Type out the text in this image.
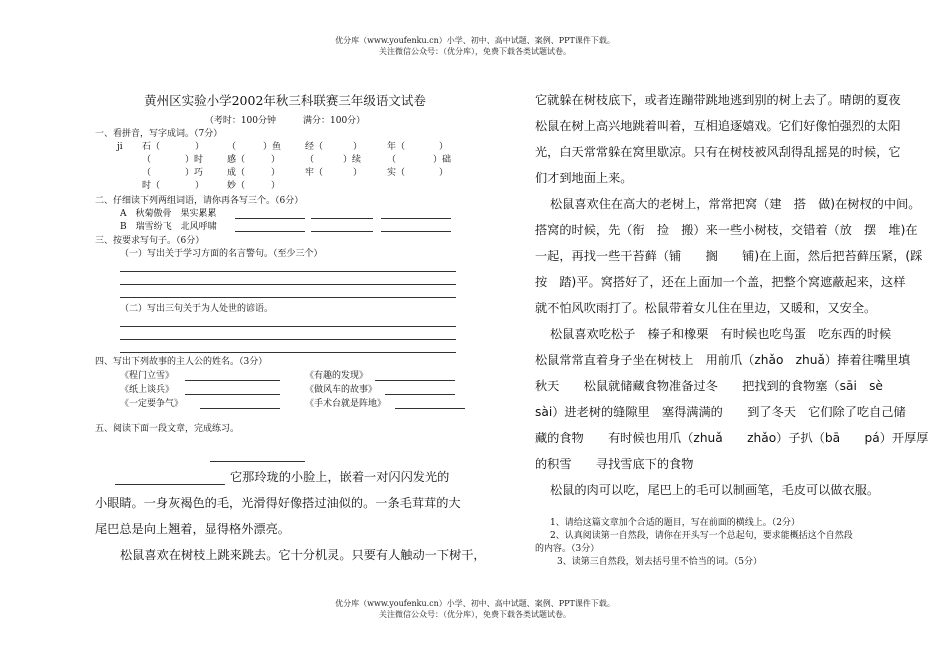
优分库（www.youfenku.cn）小学、初中、高中试题、案例、PPT课件下载。
关注微信公众号：（优分库），免费下载各类试题试卷。
黄州区实验小学2002年秋三科联赛三年级语文试卷
（考时：100分钟　　　满分：100分）
一、看拼音，写字成词。（7分）
ji 石（	）	（	）鱼	经（	）	年（	）
（	）时	感（	）	（	）续	（	）础
（	）巧	成（	）	牢（	）	实（	）
时（	）	妙（	）
二、仔细读下列两组词语，请你再各写三个。（6分）
A　秋菊傲骨　果实累累
B　瑞雪纷飞　北风呼啸
三、按要求写句子。（6分）
（一）写出关于学习方面的名言警句。（至少三个）
（二）写出三句关于为人处世的谚语。
四、写出下列故事的主人公的姓名。（3分）
《程门立雪》	《有趣的发现》
《纸上谈兵》	《做风车的故事》
《一定要争气》	《手术台就是阵地》
五、阅读下面一段文章，完成练习。

它那玲珑的小脸上，嵌着一对闪闪发光的

小眼睛。一身灰褐色的毛，光滑得好像搭过油似的。一条毛茸茸的大

尾巴总是向上翘着，显得格外漂亮。

松鼠喜欢在树枝上跳来跳去。它十分机灵。只要有人触动一下树干，

它就躲在树枝底下，或者连蹦带跳地逃到别的树上去了。晴朗的夏夜

松鼠在树上高兴地跳着叫着，互相追逐嬉戏。它们好像怕强烈的太阳

光，白天常常躲在窝里歇凉。只有在树枝被风刮得乱摇晃的时候，它

们才到地面上来。

松鼠喜欢住在高大的老树上，常常把窝（建　搭　做)在树杈的中间。

搭窝的时候，先（衔　捡　搬）来一些小树枝，交错着（放　摆　堆)在

一起，再找一些干苔藓（铺　　搁　　铺)在上面，然后把苔藓压紧，(踩

按　踏)平。窝搭好了，还在上面加一个盖，把整个窝遮蔽起来，这样

就不怕风吹雨打了。松鼠带着女儿住在里边，又暖和，又安全。

松鼠喜欢吃松子　榛子和橡栗　有时候也吃鸟蛋　吃东西的时候

松鼠常常直着身子坐在树枝上　用前爪（zhǎo　zhuǎ）捧着往嘴里填

秋天　　松鼠就储藏食物准备过冬　　把找到的食物塞（sāi　sè

sài）进老树的缝隙里　塞得满满的　　到了冬天　它们除了吃自己储

藏的食物　　有时候也用爪（zhuǎ　　zhǎo）子扒（bā　　pá）开厚厚

的积雪　　寻找雪底下的食物

松鼠的肉可以吃，尾巴上的毛可以制画笔，毛皮可以做衣服。

1、请给这篇文章加个合适的题目，写在前面的横线上。（2分）
2、认真阅读第一自然段，请你在开头写一个总起句，要求能概括这个自然段
的内容。（3分）
3、读第三自然段，划去括号里不恰当的词。（5分）
优分库（www.youfenku.cn）小学、初中、高中试题、案例、PPT课件下载。
关注微信公众号：（优分库），免费下载各类试题试卷。
